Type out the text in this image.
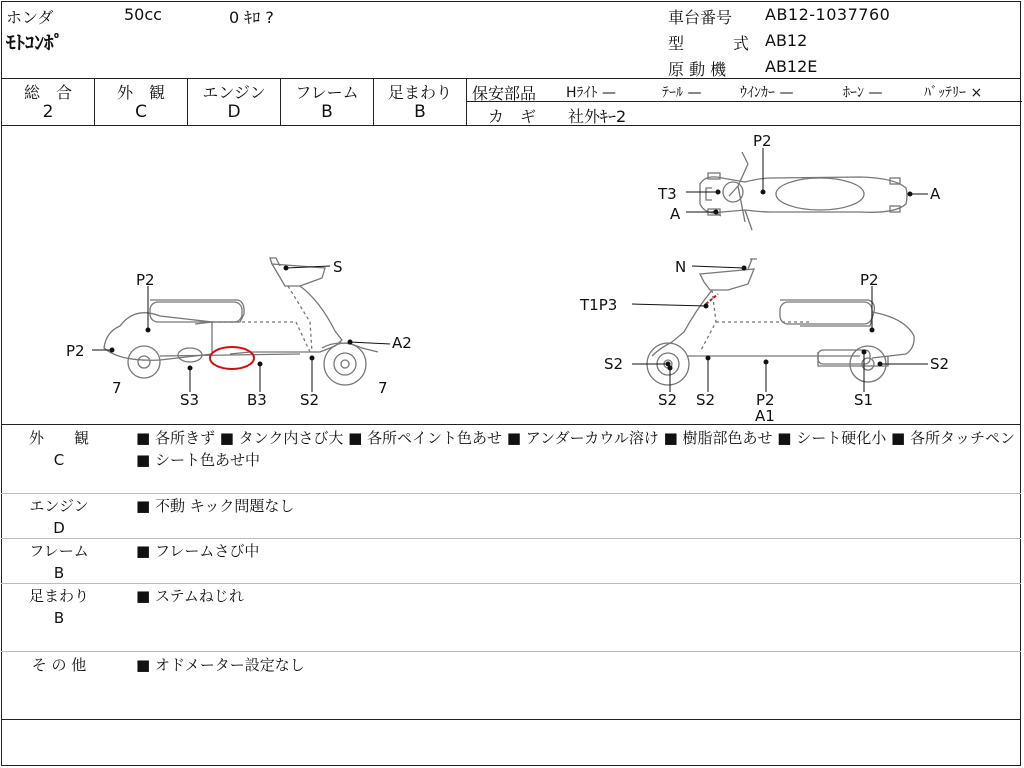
ホンダ	50cc	0 ｷﾛ ?
ﾓﾄｺﾝﾎﾟ
車台番号 AB12-1037760
型	式 AB12
原 動 機 AB12E
総　合
2
外　観
C
エンジン
D
フレーム
B
足まわり
B
保安部品 Hﾗｲﾄ —	ﾃｰﾙ —	ｳｲﾝｶｰ —	ﾎｰﾝ —	ﾊﾞｯﾃﾘｰ ×
カ　ギ 社外ｷｰ2
P2
T3
A
A
S
P2
P2	A2
7	7
S3	B3 S2
N
P2
T1P3
S2	S2
S2 S2	P2
A1
S1
外　　観
C
■ 各所きず ■ タンク内さび大 ■ 各所ペイント色あせ ■ アンダーカウル溶け ■ 樹脂部色あせ ■ シート硬化小 ■ 各所タッチペン ■ シート色あせ中
エンジン
D
■ 不動 キック問題なし
フレーム
B
■ フレームさび中
足まわり
B
■ ステムねじれ
そ の 他	■ オドメーター設定なし
